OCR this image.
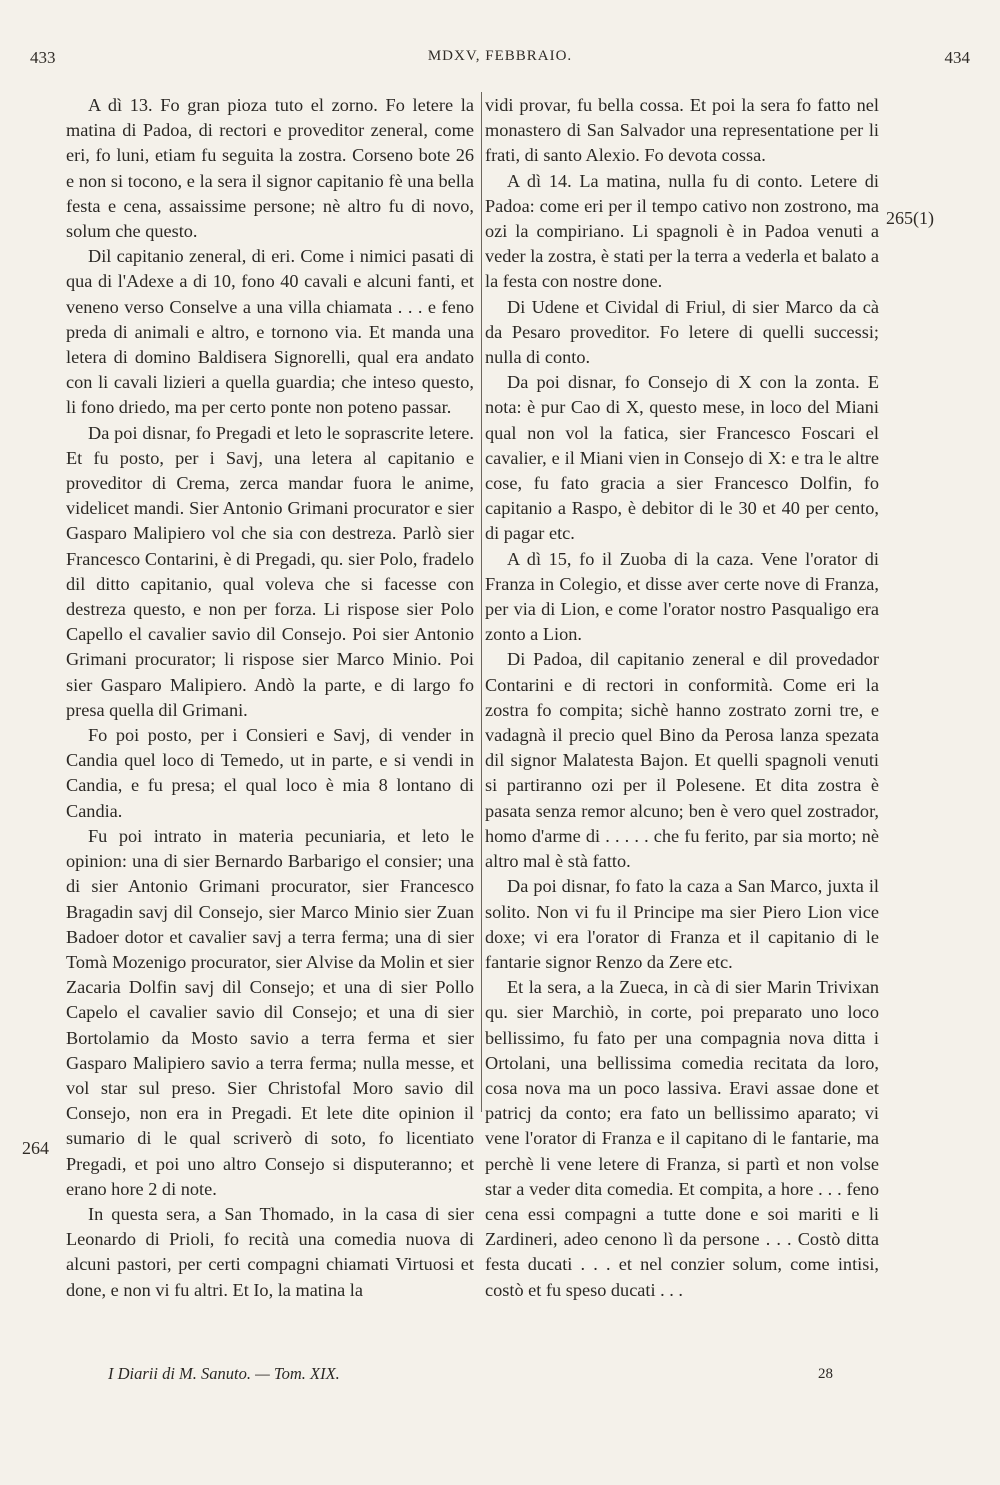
433	MDXV, FEBBRAIO.	434

A dì 13. Fo gran pioza tuto el zorno. Fo letere la matina di Padoa, di rectori e proveditor zeneral, come eri, fo luni, etiam fu seguita la zostra. Corseno bote 26 e non si tocono, e la sera il signor capitanio fè una bella festa e cena, assaissime persone; nè altro fu di novo, solum che questo.

Dil capitanio zeneral, di eri. Come i nimici pasati di qua di l'Adexe a di 10, fono 40 cavali e alcuni fanti, et veneno verso Conselve a una villa chiamata . . . e feno preda di animali e altro, e tornono via. Et manda una letera di domino Baldisera Signorelli, qual era andato con li cavali lizieri a quella guardia; che inteso questo, li fono driedo, ma per certo ponte non poteno passar.

Da poi disnar, fo Pregadi et leto le soprascrite letere. Et fu posto, per i Savj, una letera al capitanio e proveditor di Crema, zerca mandar fuora le anime, videlicet mandi. Sier Antonio Grimani procurator e sier Gasparo Malipiero vol che sia con destreza. Parlò sier Francesco Contarini, è di Pregadi, qu. sier Polo, fradelo dil ditto capitanio, qual voleva che si facesse con destreza questo, e non per forza. Li rispose sier Polo Capello el cavalier savio dil Consejo. Poi sier Antonio Grimani procurator; li rispose sier Marco Minio. Poi sier Gasparo Malipiero. Andò la parte, e di largo fo presa quella dil Grimani.

Fo poi posto, per i Consieri e Savj, di vender in Candia quel loco di Temedo, ut in parte, e si vendi in Candia, e fu presa; el qual loco è mia 8 lontano di Candia.

Fu poi intrato in materia pecuniaria, et leto le opinion: una di sier Bernardo Barbarigo el consier; una di sier Antonio Grimani procurator, sier Francesco Bragadin savj dil Consejo, sier Marco Minio sier Zuan Badoer dotor et cavalier savj a terra ferma; una di sier Tomà Mozenigo procurator, sier Alvise da Molin et sier Zacaria Dolfin savj dil Consejo; et una di sier Pollo Capelo el cavalier savio dil Consejo; et una di sier Bortolamio da Mosto savio a terra ferma et sier Gasparo Malipiero savio a terra ferma; nulla messe, et vol star sul preso. Sier Christofal Moro savio dil Consejo, non era in Pregadi. Et lete dite opinion il sumario di le qual scriverò di soto, fo licentiato Pregadi, et poi uno altro Consejo si disputeranno; et erano hore 2 di note.

In questa sera, a San Thomado, in la casa di sier Leonardo di Prioli, fo recità una comedia nuova di alcuni pastori, per certi compagni chiamati Virtuosi et done, e non vi fu altri. Et Io, la matina la

vidi provar, fu bella cossa. Et poi la sera fo fatto nel monastero di San Salvador una representatione per li frati, di santo Alexio. Fo devota cossa.

A dì 14. La matina, nulla fu di conto. Letere di Padoa: come eri per il tempo cativo non zostrono, ma ozi la compiriano. Li spagnoli è in Padoa venuti a veder la zostra, è stati per la terra a vederla et balato a la festa con nostre done.

Di Udene et Cividal di Friul, di sier Marco da cà da Pesaro proveditor. Fo letere di quelli successi; nulla di conto.

Da poi disnar, fo Consejo di X con la zonta. E nota: è pur Cao di X, questo mese, in loco del Miani qual non vol la fatica, sier Francesco Foscari el cavalier, e il Miani vien in Consejo di X: e tra le altre cose, fu fato gracia a sier Francesco Dolfin, fo capitanio a Raspo, è debitor di le 30 et 40 per cento, di pagar etc.

A dì 15, fo il Zuoba di la caza. Vene l'orator di Franza in Colegio, et disse aver certe nove di Franza, per via di Lion, e come l'orator nostro Pasqualigo era zonto a Lion.

Di Padoa, dil capitanio zeneral e dil provedador Contarini e di rectori in conformità. Come eri la zostra fo compita; sichè hanno zostrato zorni tre, e vadagnà il precio quel Bino da Perosa lanza spezata dil signor Malatesta Bajon. Et quelli spagnoli venuti si partiranno ozi per il Polesene. Et dita zostra è pasata senza remor alcuno; ben è vero quel zostrador, homo d'arme di . . . . . che fu ferito, par sia morto; nè altro mal è stà fatto.

Da poi disnar, fo fato la caza a San Marco, juxta il solito. Non vi fu il Principe ma sier Piero Lion vice doxe; vi era l'orator di Franza et il capitanio di le fantarie signor Renzo da Zere etc.

Et la sera, a la Zueca, in cà di sier Marin Trivixan qu. sier Marchiò, in corte, poi preparato uno loco bellissimo, fu fato per una compagnia nova ditta i Ortolani, una bellissima comedia recitata da loro, cosa nova ma un poco lassiva. Eravi assae done et patricj da conto; era fato un bellissimo aparato; vi vene l'orator di Franza e il capitano di le fantarie, ma perchè li vene letere di Franza, si partì et non volse star a veder dita comedia. Et compita, a hore . . . feno cena essi compagni a tutte done e soi mariti e li Zardineri, adeo cenono lì da persone . . . Costò ditta festa ducati . . . et nel conzier solum, come intisi, costò et fu speso ducati . . .

265(1)
264
I Diarii di M. Sanuto. — Tom. XIX.	28
